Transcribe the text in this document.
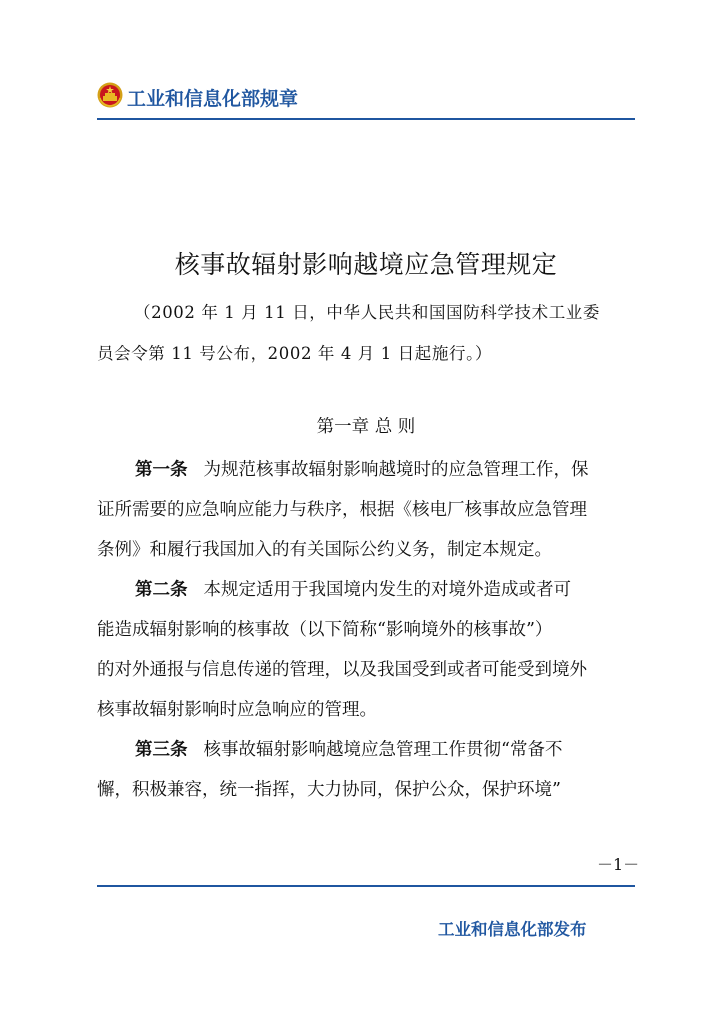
工业和信息化部规章
核事故辐射影响越境应急管理规定
（2002 年 1 月 11 日，中华人民共和国国防科学技术工业委
员会令第 11 号公布，2002 年 4 月 1 日起施行。）
第一章 总 则
第一条 为规范核事故辐射影响越境时的应急管理工作，保
证所需要的应急响应能力与秩序，根据《核电厂核事故应急管理
条例》和履行我国加入的有关国际公约义务，制定本规定。
第二条 本规定适用于我国境内发生的对境外造成或者可
能造成辐射影响的核事故（以下简称“影响境外的核事故”）
的对外通报与信息传递的管理，以及我国受到或者可能受到境外
核事故辐射影响时应急响应的管理。
第三条 核事故辐射影响越境应急管理工作贯彻“常备不
懈，积极兼容，统一指挥，大力协同，保护公众，保护环境”
－1－
工业和信息化部发布
